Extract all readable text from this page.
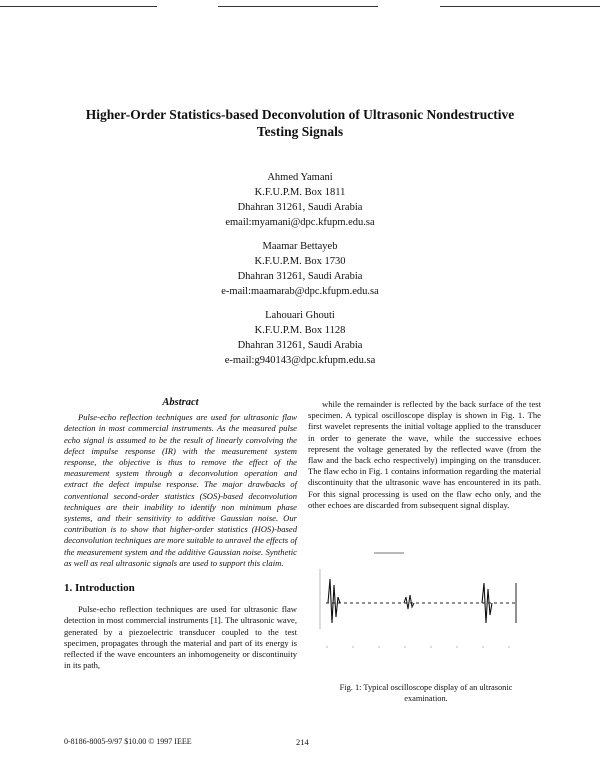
Higher-Order Statistics-based Deconvolution of Ultrasonic Nondestructive
Testing Signals
Ahmed Yamani
K.F.U.P.M. Box 1811
Dhahran 31261, Saudi Arabia
email:myamani@dpc.kfupm.edu.sa
Maamar Bettayeb
K.F.U.P.M. Box 1730
Dhahran 31261, Saudi Arabia
e-mail:maamarab@dpc.kfupm.edu.sa
Lahouari Ghouti
K.F.U.P.M. Box 1128
Dhahran 31261, Saudi Arabia
e-mail:g940143@dpc.kfupm.edu.sa
Abstract
Pulse-echo reflection techniques are used for ultrasonic flaw detection in most commercial instruments. As the measured pulse echo signal is assumed to be the result of linearly convolving the defect impulse response (IR) with the measurement system response, the objective is thus to remove the effect of the measurement system through a deconvolution operation and extract the defect impulse response. The major drawbacks of conventional second-order statistics (SOS)-based deconvolution techniques are their inability to identify non minimum phase systems, and their sensitivity to additive Gaussian noise. Our contribution is to show that higher-order statistics (HOS)-based deconvolution techniques are more suitable to unravel the effects of the measurement system and the additive Gaussian noise. Synthetic as well as real ultrasonic signals are used to support this claim.
1. Introduction
Pulse-echo reflection techniques are used for ultrasonic flaw detection in most commercial instruments [1]. The ultrasonic wave, generated by a piezoelectric transducer coupled to the test specimen, propagates through the material and part of its energy is reflected if the wave encounters an inhomogeneity or discontinuity in its path,
while the remainder is reflected by the back surface of the test specimen. A typical oscilloscope display is shown in Fig. 1. The first wavelet represents the initial voltage applied to the transducer in order to generate the wave, while the successive echoes represent the voltage generated by the reflected wave (from the flaw and the back echo respectively) impinging on the transducer. The flaw echo in Fig. 1 contains information regarding the material discontinuity that the ultrasonic wave has encountered in its path. For this signal processing is used on the flaw echo only, and the other echoes are discarded from subsequent signal display.
Fig. 1: Typical oscilloscope display of an ultrasonic examination.
0-8186-8005-9/97 $10.00 © 1997 IEEE	214
